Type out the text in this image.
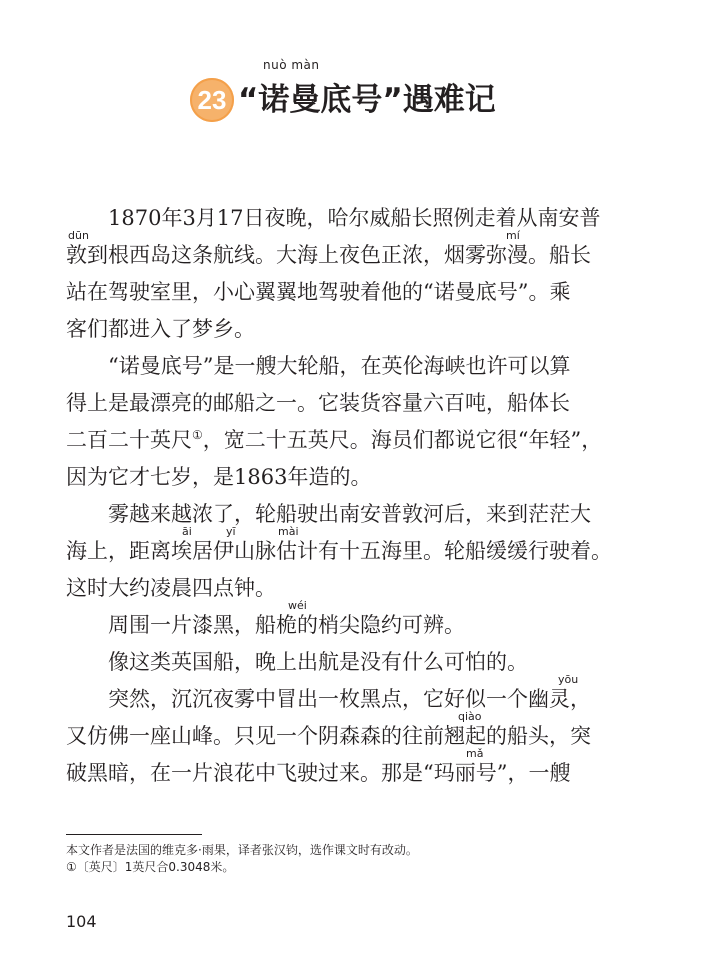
23
nuò màn
“诺曼底号”遇难记
　　1870年3月17日夜晚，哈尔威船长照例走着从南安普
dūn	mí
敦到根西岛这条航线。大海上夜色正浓，烟雾弥漫。船长
站在驾驶室里，小心翼翼地驾驶着他的“诺曼底号”。乘
客们都进入了梦乡。
　　“诺曼底号”是一艘大轮船，在英伦海峡也许可以算
得上是最漂亮的邮船之一。它装货容量六百吨，船体长
二百二十英尺①，宽二十五英尺。海员们都说它很“年轻”，
因为它才七岁，是1863年造的。
　　雾越来越浓了，轮船驶出南安普敦河后，来到茫茫大
āi	yī	mài
海上，距离埃居伊山脉估计有十五海里。轮船缓缓行驶着。
这时大约凌晨四点钟。
wéi
　　周围一片漆黑，船桅的梢尖隐约可辨。
　　像这类英国船，晚上出航是没有什么可怕的。
yōu
　　突然，沉沉夜雾中冒出一枚黑点，它好似一个幽灵，
qiào
又仿佛一座山峰。只见一个阴森森的往前翘起的船头，突
mǎ
破黑暗，在一片浪花中飞驶过来。那是“玛丽号”，一艘
本文作者是法国的维克多·雨果，译者张汉钧，选作课文时有改动。
①〔英尺〕1英尺合0.3048米。
104
